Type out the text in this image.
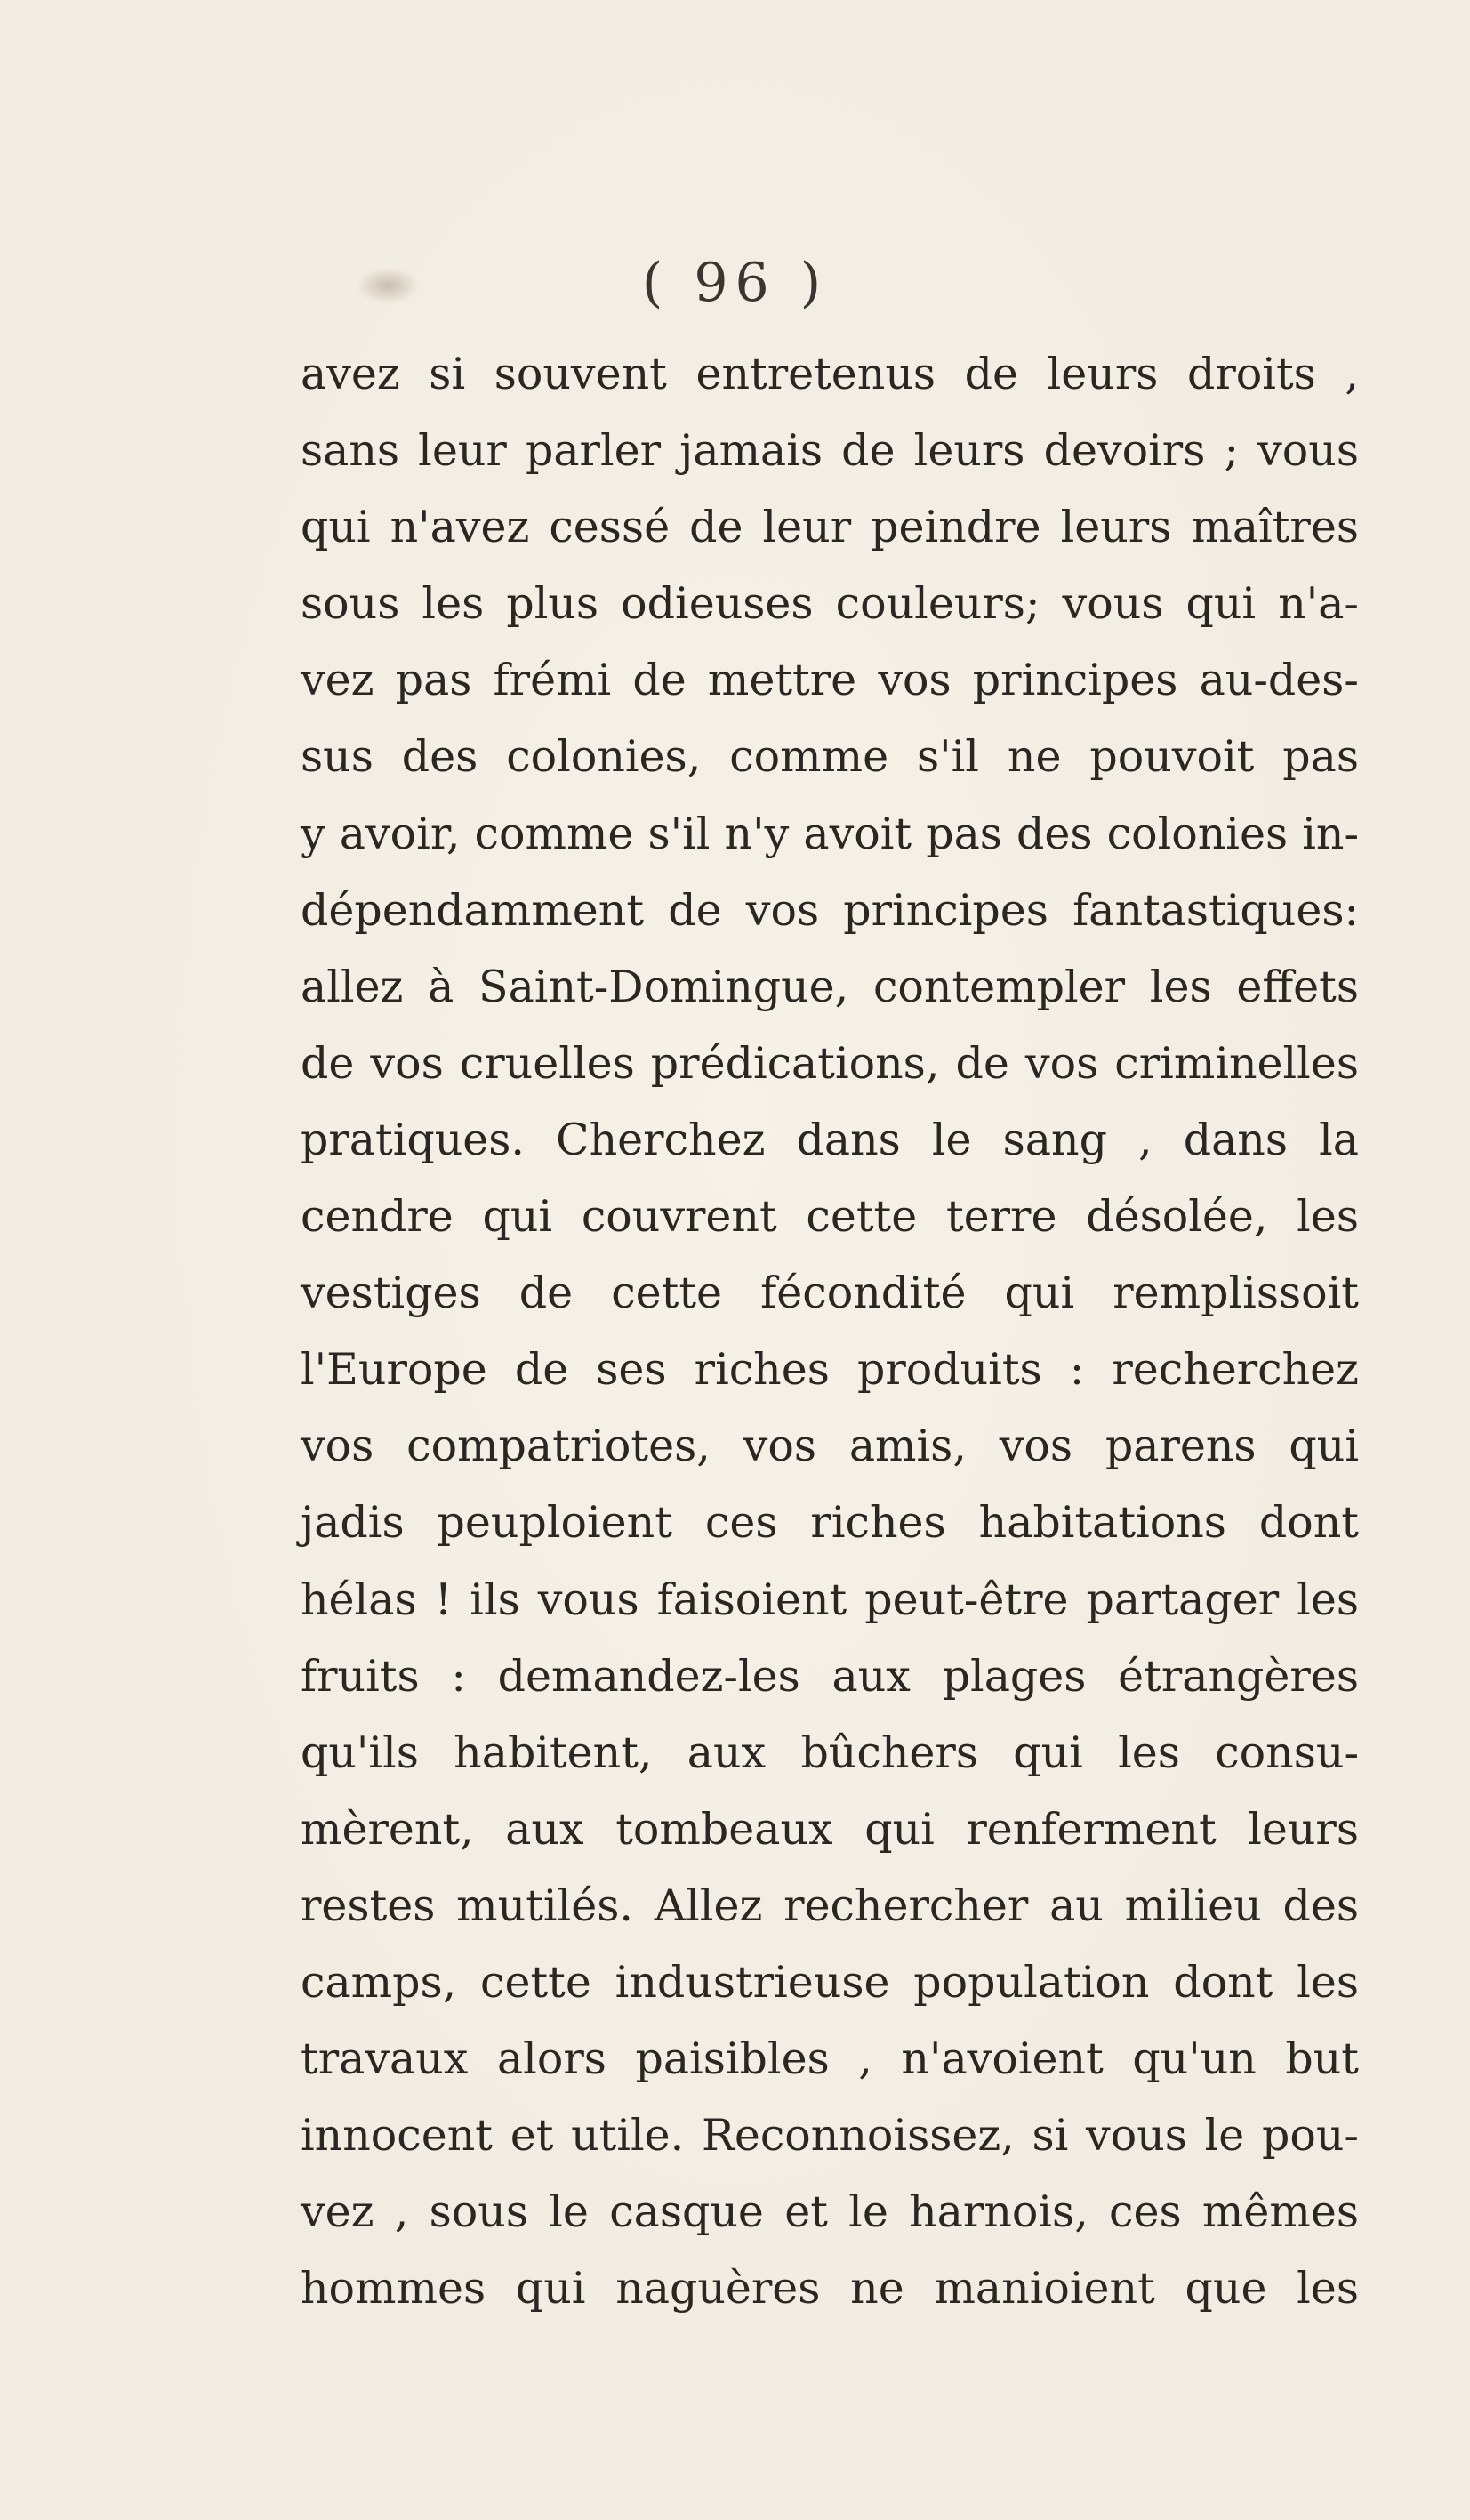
( 96 )
avez si souvent entretenus de leurs droits ,
sans leur parler jamais de leurs devoirs ; vous
qui n'avez cessé de leur peindre leurs maîtres
sous les plus odieuses couleurs; vous qui n'a-
vez pas frémi de mettre vos principes au-des-
sus des colonies, comme s'il ne pouvoit pas
y avoir, comme s'il n'y avoit pas des colonies in-
dépendamment de vos principes fantastiques:
allez à Saint-Domingue, contempler les effets
de vos cruelles prédications, de vos criminelles
pratiques. Cherchez dans le sang , dans la
cendre qui couvrent cette terre désolée, les
vestiges de cette fécondité qui remplissoit
l'Europe de ses riches produits : recherchez
vos compatriotes, vos amis, vos parens qui
jadis peuploient ces riches habitations dont
hélas ! ils vous faisoient peut-être partager les
fruits : demandez-les aux plages étrangères
qu'ils habitent, aux bûchers qui les consu-
mèrent, aux tombeaux qui renferment leurs
restes mutilés. Allez rechercher au milieu des
camps, cette industrieuse population dont les
travaux alors paisibles , n'avoient qu'un but
innocent et utile. Reconnoissez, si vous le pou-
vez , sous le casque et le harnois, ces mêmes
hommes qui naguères ne manioient que les
